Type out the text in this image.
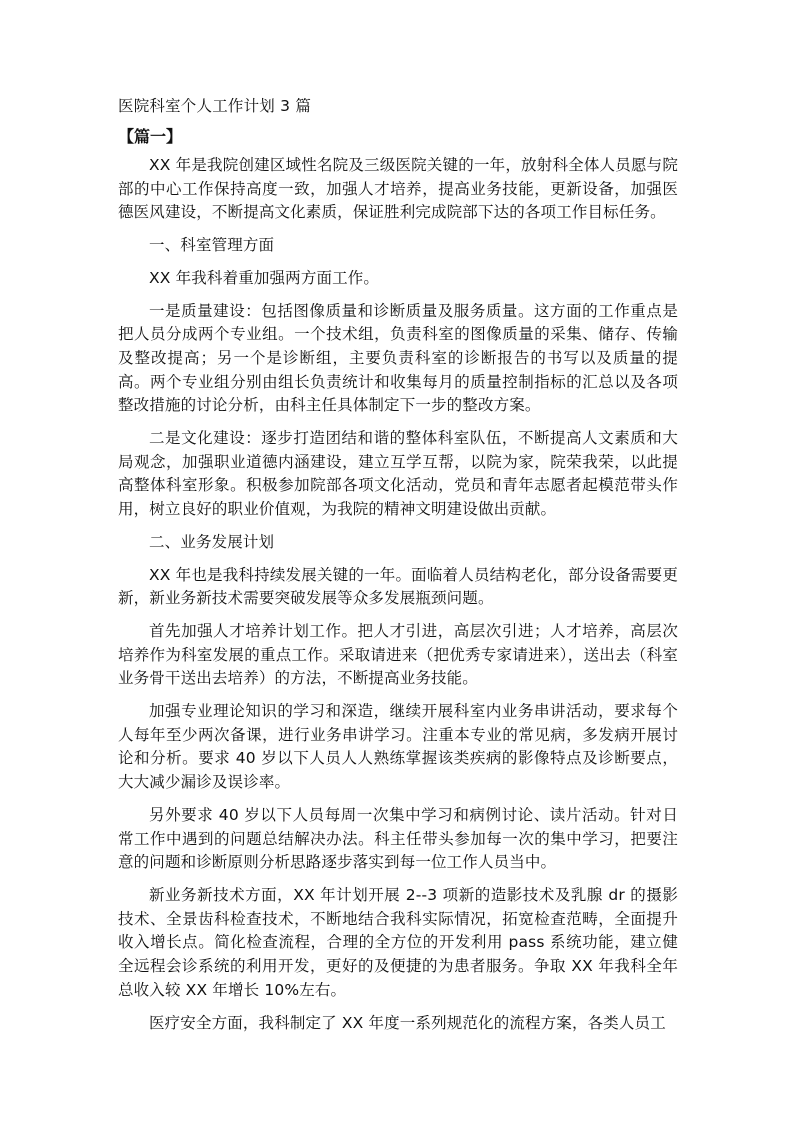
医院科室个人工作计划 3 篇
【篇一】

XX 年是我院创建区域性名院及三级医院关键的一年，放射科全体人员愿与院部的中心工作保持高度一致，加强人才培养，提高业务技能，更新设备，加强医德医风建设，不断提高文化素质，保证胜利完成院部下达的各项工作目标任务。

一、科室管理方面

XX 年我科着重加强两方面工作。

一是质量建设：包括图像质量和诊断质量及服务质量。这方面的工作重点是把人员分成两个专业组。一个技术组，负责科室的图像质量的采集、储存、传输及整改提高；另一个是诊断组，主要负责科室的诊断报告的书写以及质量的提高。两个专业组分别由组长负责统计和收集每月的质量控制指标的汇总以及各项整改措施的讨论分析，由科主任具体制定下一步的整改方案。

二是文化建设：逐步打造团结和谐的整体科室队伍，不断提高人文素质和大局观念，加强职业道德内涵建设，建立互学互帮，以院为家，院荣我荣，以此提高整体科室形象。积极参加院部各项文化活动，党员和青年志愿者起模范带头作用，树立良好的职业价值观，为我院的精神文明建设做出贡献。

二、业务发展计划

XX 年也是我科持续发展关键的一年。面临着人员结构老化，部分设备需要更新，新业务新技术需要突破发展等众多发展瓶颈问题。

首先加强人才培养计划工作。把人才引进，高层次引进；人才培养，高层次培养作为科室发展的重点工作。采取请进来（把优秀专家请进来），送出去（科室业务骨干送出去培养）的方法，不断提高业务技能。

加强专业理论知识的学习和深造，继续开展科室内业务串讲活动，要求每个人每年至少两次备课，进行业务串讲学习。注重本专业的常见病，多发病开展讨论和分析。要求 40 岁以下人员人人熟练掌握该类疾病的影像特点及诊断要点，大大减少漏诊及误诊率。

另外要求 40 岁以下人员每周一次集中学习和病例讨论、读片活动。针对日常工作中遇到的问题总结解决办法。科主任带头参加每一次的集中学习，把要注意的问题和诊断原则分析思路逐步落实到每一位工作人员当中。

新业务新技术方面，XX 年计划开展 2--3 项新的造影技术及乳腺 dr 的摄影技术、全景齿科检查技术，不断地结合我科实际情况，拓宽检查范畴，全面提升收入增长点。简化检查流程，合理的全方位的开发利用 pass 系统功能，建立健全远程会诊系统的利用开发，更好的及便捷的为患者服务。争取 XX 年我科全年总收入较 XX 年增长 10%左右。

医疗安全方面，我科制定了 XX 年度一系列规范化的流程方案，各类人员工
